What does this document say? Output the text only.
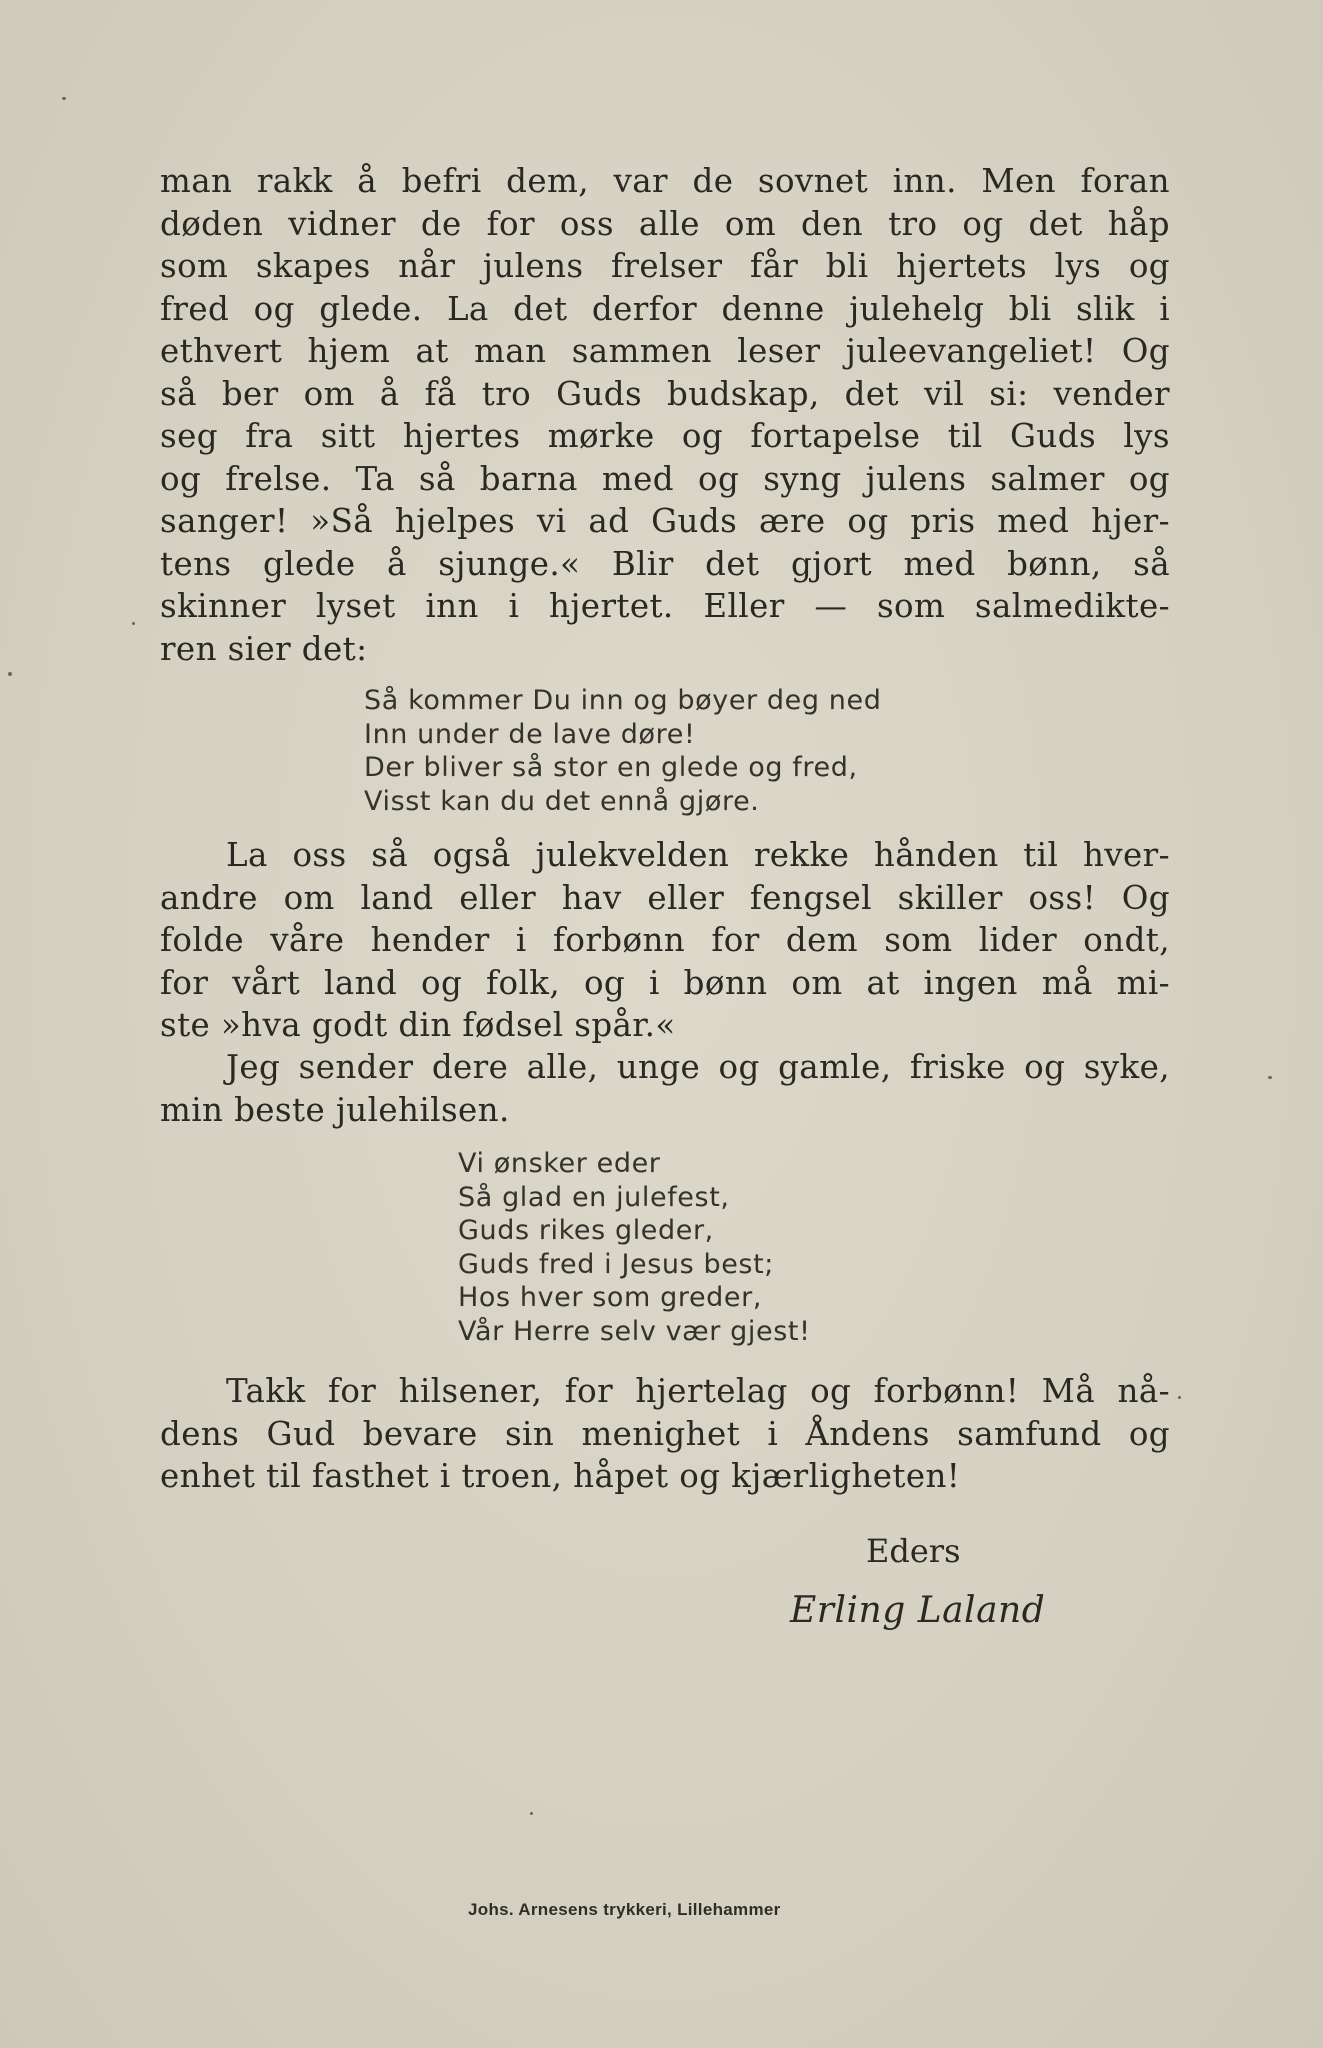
man rakk å befri dem, var de sovnet inn. Men foran
døden vidner de for oss alle om den tro og det håp
som skapes når julens frelser får bli hjertets lys og
fred og glede. La det derfor denne julehelg bli slik i
ethvert hjem at man sammen leser juleevangeliet! Og
så ber om å få tro Guds budskap, det vil si: vender
seg fra sitt hjertes mørke og fortapelse til Guds lys
og frelse. Ta så barna med og syng julens salmer og
sanger! »Så hjelpes vi ad Guds ære og pris med hjer-
tens glede å sjunge.« Blir det gjort med bønn, så
skinner lyset inn i hjertet. Eller — som salmedikte-
ren sier det:
Så kommer Du inn og bøyer deg ned
Inn under de lave døre!
Der bliver så stor en glede og fred,
Visst kan du det ennå gjøre.
La oss så også julekvelden rekke hånden til hver-
andre om land eller hav eller fengsel skiller oss! Og
folde våre hender i forbønn for dem som lider ondt,
for vårt land og folk, og i bønn om at ingen må mi-
ste »hva godt din fødsel spår.«
Jeg sender dere alle, unge og gamle, friske og syke,
min beste julehilsen.
Vi ønsker eder
Så glad en julefest,
Guds rikes gleder,
Guds fred i Jesus best;
Hos hver som greder,
Vår Herre selv vær gjest!
Takk for hilsener, for hjertelag og forbønn! Må nå-
dens Gud bevare sin menighet i Åndens samfund og
enhet til fasthet i troen, håpet og kjærligheten!
Eders
Erling Laland
Johs. Arnesens trykkeri, Lillehammer
